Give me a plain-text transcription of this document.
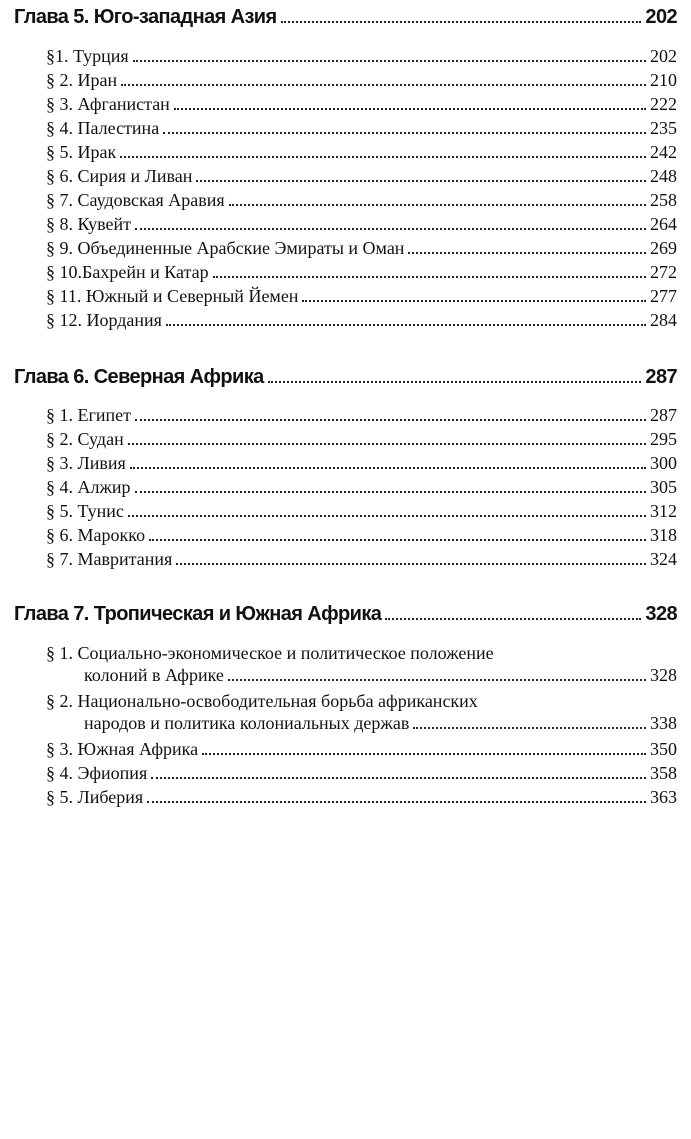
Глава 5. Юго-западная Азия	202
§1. Турция	202
§ 2. Иран	210
§ 3. Афганистан	222
§ 4. Палестина	235
§ 5. Ирак	242
§ 6. Сирия и Ливан	248
§ 7. Саудовская Аравия	258
§ 8. Кувейт	264
§ 9. Объединенные Арабские Эмираты и Оман	269
§ 10.Бахрейн и Катар	272
§ 11. Южный и Северный Йемен	277
§ 12. Иордания	284
Глава 6. Северная Африка	287
§ 1. Египет	287
§ 2. Судан	295
§ 3. Ливия	300
§ 4. Алжир	305
§ 5. Тунис	312
§ 6. Марокко	318
§ 7. Мавритания	324
Глава 7. Тропическая и Южная Африка	328
§ 1. Социально-экономическое и политическое положение
колоний в Африке	328
§ 2. Национально-освободительная борьба африканских
народов и политика колониальных держав	338
§ 3. Южная Африка	350
§ 4. Эфиопия	358
§ 5. Либерия	363
